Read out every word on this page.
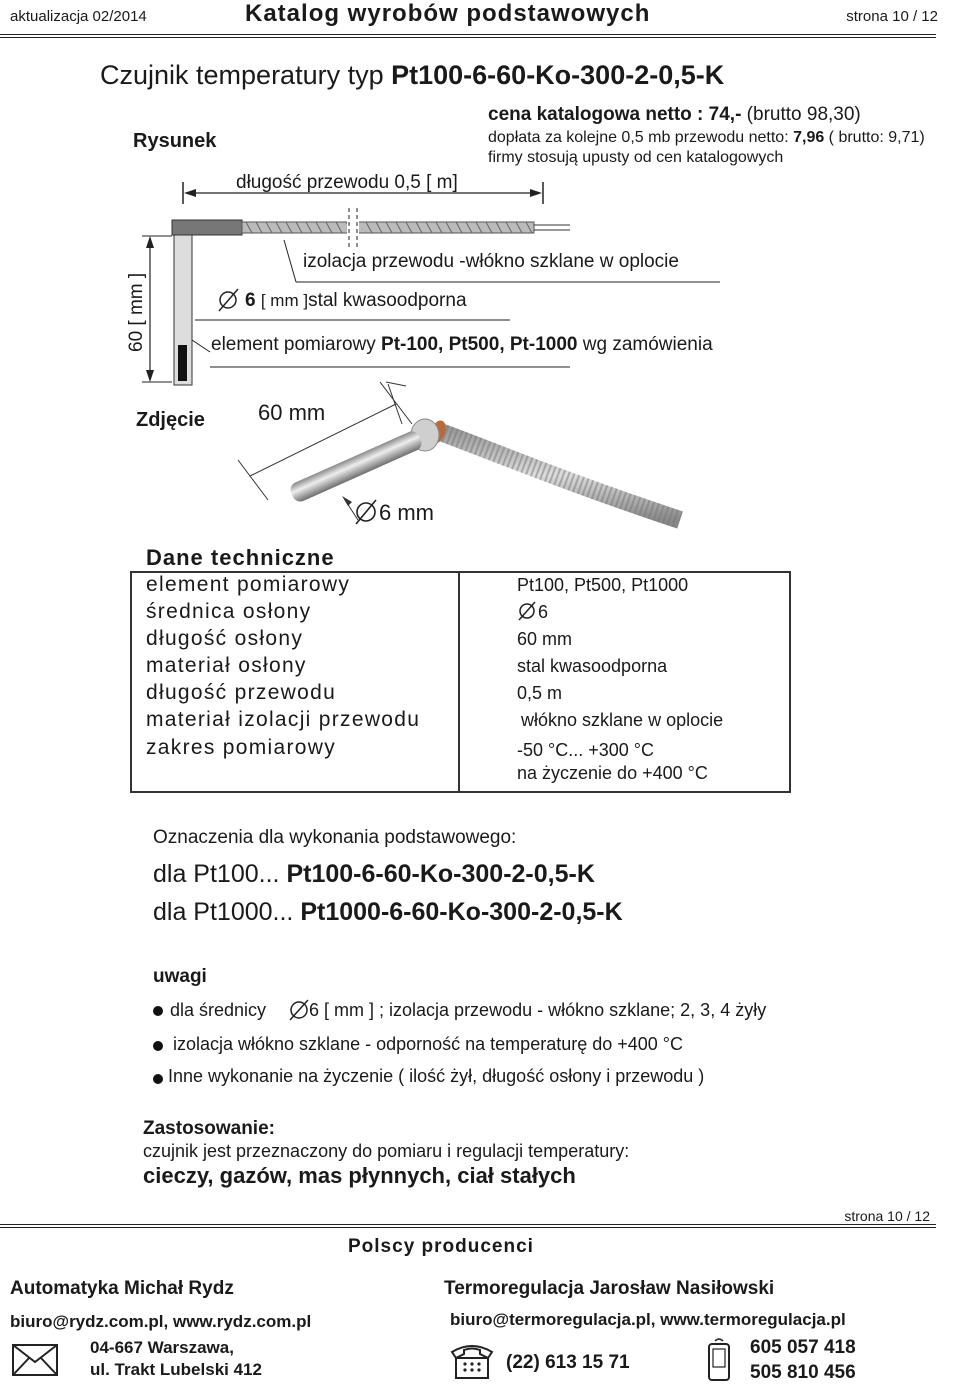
aktualizacja 02/2014	Katalog wyrobów podstawowych	strona 10 / 12
Czujnik temperatury typ Pt100-6-60-Ko-300-2-0,5-K
cena katalogowa netto : 74,- (brutto 98,30)
dopłata za kolejne 0,5 mb przewodu netto: 7,96 ( brutto: 9,71)
firmy stosują upusty od cen katalogowych
Rysunek
długość przewodu 0,5 [ m]
60 [ mm ]
izolacja przewodu -włókno szklane w oplocie
6 [ mm ]stal kwasoodporna
element pomiarowy Pt-100, Pt500, Pt-1000 wg zamówienia
Zdjęcie 60 mm
6 mm
Dane techniczne
element pomiarowy
średnica osłony
długość osłony
materiał osłony
długość przewodu
materiał izolacji przewodu
zakres pomiarowy
Pt100, Pt500, Pt1000
6
60 mm
stal kwasoodporna
0,5 m
włókno szklane w oplocie
-50 °C... +300 °C
na życzenie do +400 °C
Oznaczenia dla wykonania podstawowego:
dla Pt100... Pt100-6-60-Ko-300-2-0,5-K
dla Pt1000... Pt1000-6-60-Ko-300-2-0,5-K
uwagi
dla średnicy 6 [ mm ] ; izolacja przewodu - włókno szklane; 2, 3, 4 żyły
izolacja włókno szklane - odporność na temperaturę do +400 °C
Inne wykonanie na życzenie ( ilość żył, długość osłony i przewodu )
Zastosowanie:
czujnik jest przeznaczony do pomiaru i regulacji temperatury:
cieczy, gazów, mas płynnych, ciał stałych
strona 10 / 12
Polscy producenci
Automatyka Michał Rydz
biuro@rydz.com.pl, www.rydz.com.pl
04-667 Warszawa,
ul. Trakt Lubelski 412
Termoregulacja Jarosław Nasiłowski
biuro@termoregulacja.pl, www.termoregulacja.pl
(22) 613 15 71
605 057 418
505 810 456
